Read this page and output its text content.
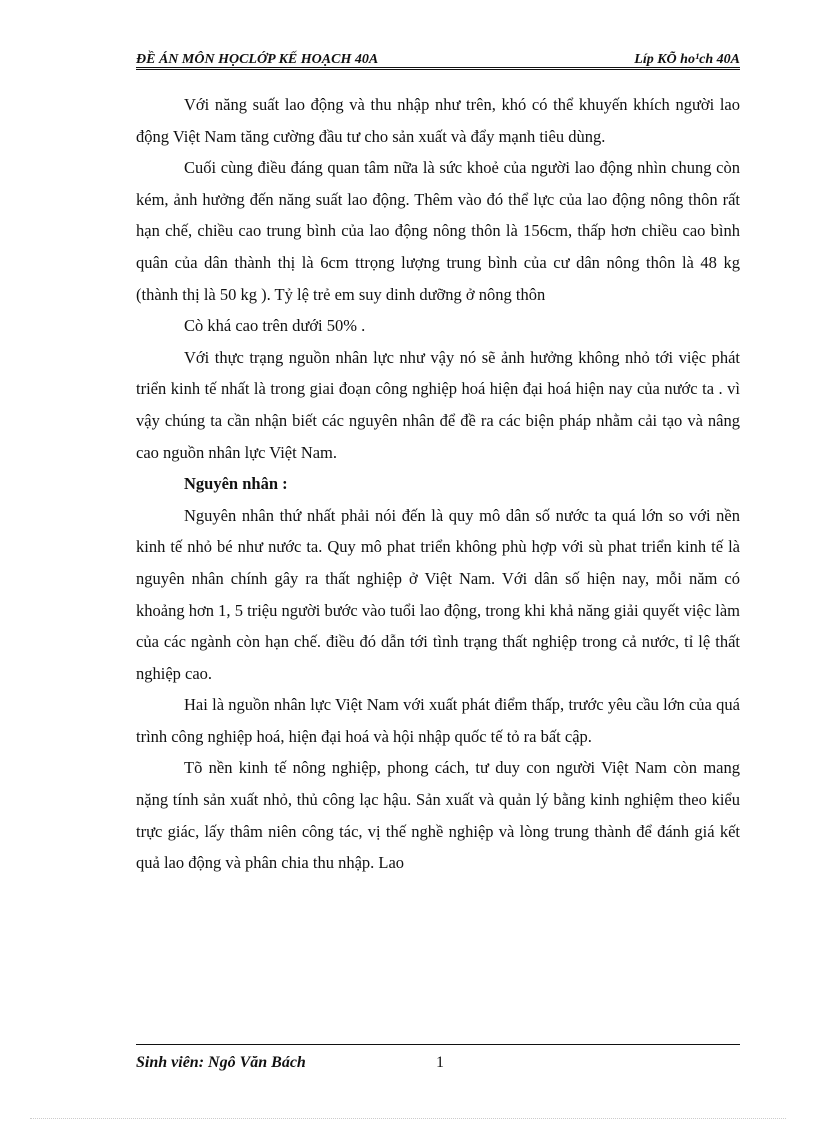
ĐỀ ÁN MÔN HỌCLỚP KẾ HOẠCH 40A	Líp KÕ ho¹ch 40A

Với năng suất lao động và thu nhập như trên, khó có thể khuyến khích người lao động Việt Nam tăng cường đầu tư cho sản xuất và đẩy mạnh tiêu dùng.

Cuối cùng điều đáng quan tâm nữa là sức khoẻ của người lao động nhìn chung còn kém, ảnh hưởng đến năng suất lao động. Thêm vào đó thể lực của lao động nông thôn rất hạn chế, chiều cao trung bình của lao động nông thôn là 156cm, thấp hơn chiều cao bình quân của dân thành thị là 6cm ttrọng lượng trung bình của cư dân nông thôn là 48 kg (thành thị là 50 kg ). Tỷ lệ trẻ em suy dinh dưỡng ở nông thôn

Cò khá cao trên dưới 50% .

Với thực trạng nguồn nhân lực như vậy nó sẽ ảnh hưởng không nhỏ tới việc phát triển kinh tế nhất là trong giai đoạn công nghiệp hoá hiện đại hoá hiện nay của nước ta . vì vậy chúng ta cần nhận biết các nguyên nhân để đề ra các biện pháp nhằm cải tạo và nâng cao nguồn nhân lực Việt Nam.

Nguyên nhân :

Nguyên nhân thứ nhất phải nói đến là quy mô dân số nước ta quá lớn so với nền kinh tế nhỏ bé như nước ta. Quy mô phat triển không phù hợp với sù phat triển kinh tế là nguyên nhân chính gây ra thất nghiệp ở Việt Nam. Với dân số hiện nay, mỗi năm có khoảng hơn 1, 5 triệu người bước vào tuổi lao động, trong khi khả năng giải quyết việc làm của các ngành còn hạn chế. điều đó dẫn tới tình trạng thất nghiệp trong cả nước, tỉ lệ thất nghiệp cao.

Hai là nguồn nhân lực Việt Nam với xuất phát điểm thấp, trước yêu cầu lớn của quá trình công nghiệp hoá, hiện đại hoá và hội nhập quốc tế tỏ ra bất cập.

Tõ nền kinh tế nông nghiệp, phong cách, tư duy con người Việt Nam còn mang nặng tính sản xuất nhỏ, thủ công lạc hậu. Sản xuất và quản lý bằng kinh nghiệm theo kiểu trực giác, lấy thâm niên công tác, vị thế nghề nghiệp và lòng trung thành để đánh giá kết quả lao động và phân chia thu nhập. Lao

Sinh viên: Ngô Văn Bách	1
